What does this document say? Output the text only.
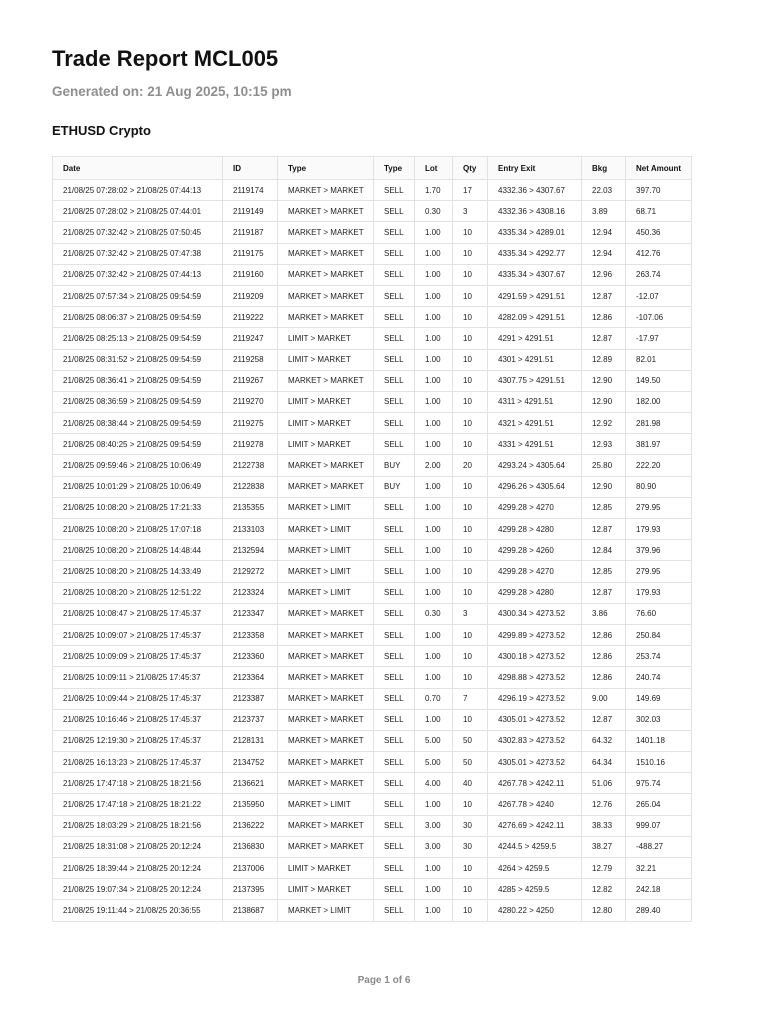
Trade Report MCL005
Generated on: 21 Aug 2025, 10:15 pm
ETHUSD Crypto
Date	ID	Type	Type	Lot	Qty	Entry Exit	Bkg	Net Amount
21/08/25 07:28:02 > 21/08/25 07:44:13	2119174	MARKET > MARKET	SELL	1.70	17	4332.36 > 4307.67	22.03	397.70
21/08/25 07:28:02 > 21/08/25 07:44:01	2119149	MARKET > MARKET	SELL	0.30	3	4332.36 > 4308.16	3.89	68.71
21/08/25 07:32:42 > 21/08/25 07:50:45	2119187	MARKET > MARKET	SELL	1.00	10	4335.34 > 4289.01	12.94	450.36
21/08/25 07:32:42 > 21/08/25 07:47:38	2119175	MARKET > MARKET	SELL	1.00	10	4335.34 > 4292.77	12.94	412.76
21/08/25 07:32:42 > 21/08/25 07:44:13	2119160	MARKET > MARKET	SELL	1.00	10	4335.34 > 4307.67	12.96	263.74
21/08/25 07:57:34 > 21/08/25 09:54:59	2119209	MARKET > MARKET	SELL	1.00	10	4291.59 > 4291.51	12.87	-12.07
21/08/25 08:06:37 > 21/08/25 09:54:59	2119222	MARKET > MARKET	SELL	1.00	10	4282.09 > 4291.51	12.86	-107.06
21/08/25 08:25:13 > 21/08/25 09:54:59	2119247	LIMIT > MARKET	SELL	1.00	10	4291 > 4291.51	12.87	-17.97
21/08/25 08:31:52 > 21/08/25 09:54:59	2119258	LIMIT > MARKET	SELL	1.00	10	4301 > 4291.51	12.89	82.01
21/08/25 08:36:41 > 21/08/25 09:54:59	2119267	MARKET > MARKET	SELL	1.00	10	4307.75 > 4291.51	12.90	149.50
21/08/25 08:36:59 > 21/08/25 09:54:59	2119270	LIMIT > MARKET	SELL	1.00	10	4311 > 4291.51	12.90	182.00
21/08/25 08:38:44 > 21/08/25 09:54:59	2119275	LIMIT > MARKET	SELL	1.00	10	4321 > 4291.51	12.92	281.98
21/08/25 08:40:25 > 21/08/25 09:54:59	2119278	LIMIT > MARKET	SELL	1.00	10	4331 > 4291.51	12.93	381.97
21/08/25 09:59:46 > 21/08/25 10:06:49	2122738	MARKET > MARKET	BUY	2.00	20	4293.24 > 4305.64	25.80	222.20
21/08/25 10:01:29 > 21/08/25 10:06:49	2122838	MARKET > MARKET	BUY	1.00	10	4296.26 > 4305.64	12.90	80.90
21/08/25 10:08:20 > 21/08/25 17:21:33	2135355	MARKET > LIMIT	SELL	1.00	10	4299.28 > 4270	12.85	279.95
21/08/25 10:08:20 > 21/08/25 17:07:18	2133103	MARKET > LIMIT	SELL	1.00	10	4299.28 > 4280	12.87	179.93
21/08/25 10:08:20 > 21/08/25 14:48:44	2132594	MARKET > LIMIT	SELL	1.00	10	4299.28 > 4260	12.84	379.96
21/08/25 10:08:20 > 21/08/25 14:33:49	2129272	MARKET > LIMIT	SELL	1.00	10	4299.28 > 4270	12.85	279.95
21/08/25 10:08:20 > 21/08/25 12:51:22	2123324	MARKET > LIMIT	SELL	1.00	10	4299.28 > 4280	12.87	179.93
21/08/25 10:08:47 > 21/08/25 17:45:37	2123347	MARKET > MARKET	SELL	0.30	3	4300.34 > 4273.52	3.86	76.60
21/08/25 10:09:07 > 21/08/25 17:45:37	2123358	MARKET > MARKET	SELL	1.00	10	4299.89 > 4273.52	12.86	250.84
21/08/25 10:09:09 > 21/08/25 17:45:37	2123360	MARKET > MARKET	SELL	1.00	10	4300.18 > 4273.52	12.86	253.74
21/08/25 10:09:11 > 21/08/25 17:45:37	2123364	MARKET > MARKET	SELL	1.00	10	4298.88 > 4273.52	12.86	240.74
21/08/25 10:09:44 > 21/08/25 17:45:37	2123387	MARKET > MARKET	SELL	0.70	7	4296.19 > 4273.52	9.00	149.69
21/08/25 10:16:46 > 21/08/25 17:45:37	2123737	MARKET > MARKET	SELL	1.00	10	4305.01 > 4273.52	12.87	302.03
21/08/25 12:19:30 > 21/08/25 17:45:37	2128131	MARKET > MARKET	SELL	5.00	50	4302.83 > 4273.52	64.32	1401.18
21/08/25 16:13:23 > 21/08/25 17:45:37	2134752	MARKET > MARKET	SELL	5.00	50	4305.01 > 4273.52	64.34	1510.16
21/08/25 17:47:18 > 21/08/25 18:21:56	2136621	MARKET > MARKET	SELL	4.00	40	4267.78 > 4242.11	51.06	975.74
21/08/25 17:47:18 > 21/08/25 18:21:22	2135950	MARKET > LIMIT	SELL	1.00	10	4267.78 > 4240	12.76	265.04
21/08/25 18:03:29 > 21/08/25 18:21:56	2136222	MARKET > MARKET	SELL	3.00	30	4276.69 > 4242.11	38.33	999.07
21/08/25 18:31:08 > 21/08/25 20:12:24	2136830	MARKET > MARKET	SELL	3.00	30	4244.5 > 4259.5	38.27	-488.27
21/08/25 18:39:44 > 21/08/25 20:12:24	2137006	LIMIT > MARKET	SELL	1.00	10	4264 > 4259.5	12.79	32.21
21/08/25 19:07:34 > 21/08/25 20:12:24	2137395	LIMIT > MARKET	SELL	1.00	10	4285 > 4259.5	12.82	242.18
21/08/25 19:11:44 > 21/08/25 20:36:55	2138687	MARKET > LIMIT	SELL	1.00	10	4280.22 > 4250	12.80	289.40
Page 1 of 6
